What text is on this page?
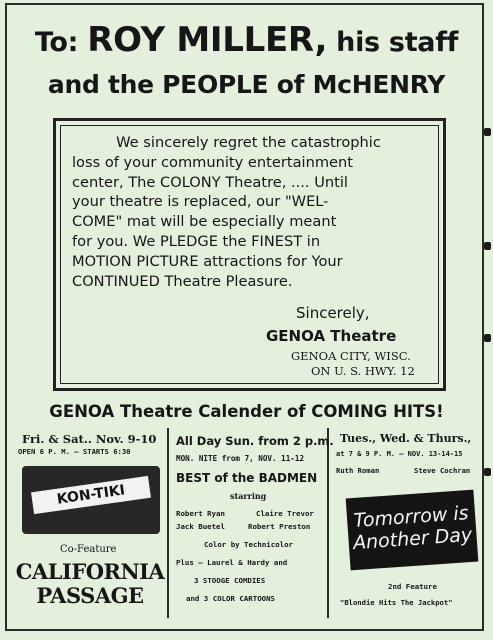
To: ROY MILLER, his staff
and the PEOPLE of McHENRY
We sincerely regret the catastrophic
loss of your community entertainment
center, The COLONY Theatre, .... Until
your theatre is replaced, our "WEL-
COME" mat will be especially meant
for you. We PLEDGE the FINEST in
MOTION PICTURE attractions for Your
CONTINUED Theatre Pleasure.
Sincerely,
GENOA Theatre
GENOA CITY, WISC.
ON U. S. HWY. 12
GENOA Theatre Calender of COMING HITS!
Fri. & Sat.. Nov. 9-10
OPEN 6 P. M. — STARTS 6:30
KON-TIKI
Co-Feature
CALIFORNIA
PASSAGE
All Day Sun. from 2 p.m.
MON. NITE from 7, NOV. 11-12
BEST of the BADMEN
starring
Robert Ryan	Claire Trevor
Jack Buetel	Robert Preston
Color by Technicolor
Plus — Laurel & Hardy and
3 STOOGE COMDIES
and 3 COLOR CARTOONS
Tues., Wed. & Thurs.,
at 7 & 9 P. M. — NOV. 13-14-15
Ruth Roman	Steve Cochran
Tomorrow is
Another Day
2nd Feature
"Blondie Hits The Jackpot"
